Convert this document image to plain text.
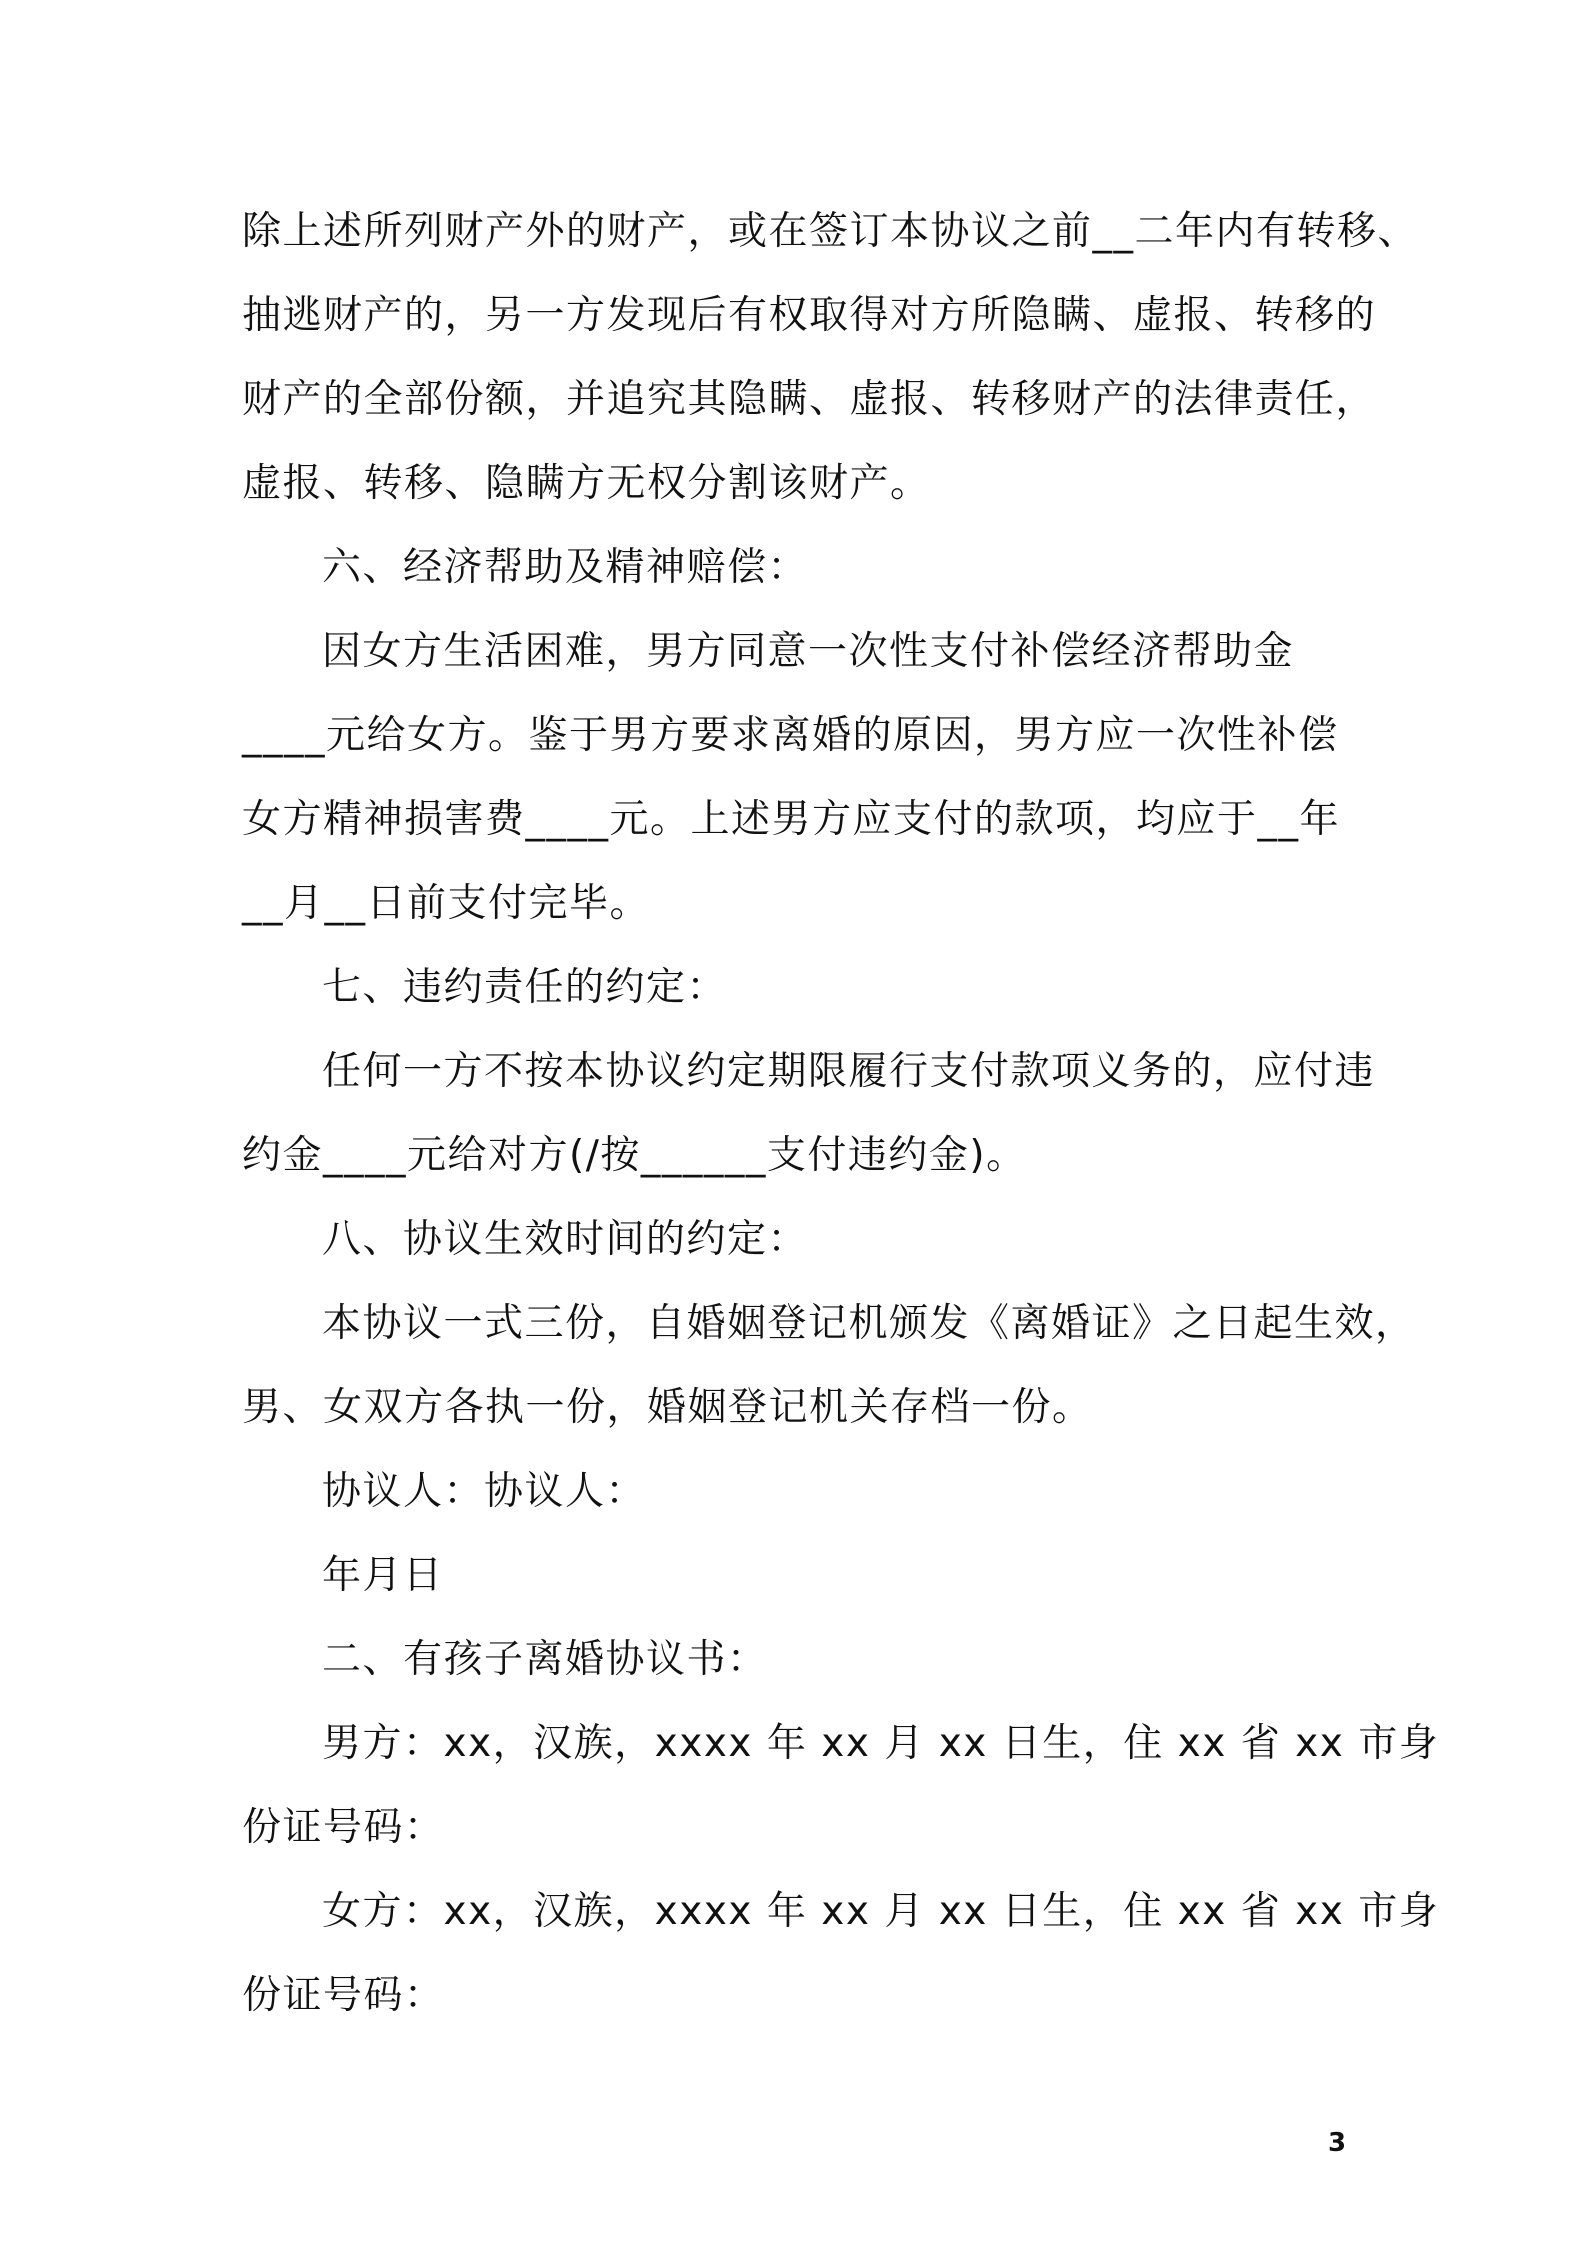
除上述所列财产外的财产，或在签订本协议之前__二年内有转移、
抽逃财产的，另一方发现后有权取得对方所隐瞒、虚报、转移的
财产的全部份额，并追究其隐瞒、虚报、转移财产的法律责任，
虚报、转移、隐瞒方无权分割该财产。
六、经济帮助及精神赔偿：
因女方生活困难，男方同意一次性支付补偿经济帮助金
____元给女方。鉴于男方要求离婚的原因，男方应一次性补偿
女方精神损害费____元。上述男方应支付的款项，均应于__年
__月__日前支付完毕。
七、违约责任的约定：
任何一方不按本协议约定期限履行支付款项义务的，应付违
约金____元给对方(/按______支付违约金)。
八、协议生效时间的约定：
本协议一式三份，自婚姻登记机颁发《离婚证》之日起生效，
男、女双方各执一份，婚姻登记机关存档一份。
协议人：协议人：
年月日
二、有孩子离婚协议书：
男方：xx，汉族，xxxx 年 xx 月 xx 日生，住 xx 省 xx 市身
份证号码：
女方：xx，汉族，xxxx 年 xx 月 xx 日生，住 xx 省 xx 市身
份证号码：
3
